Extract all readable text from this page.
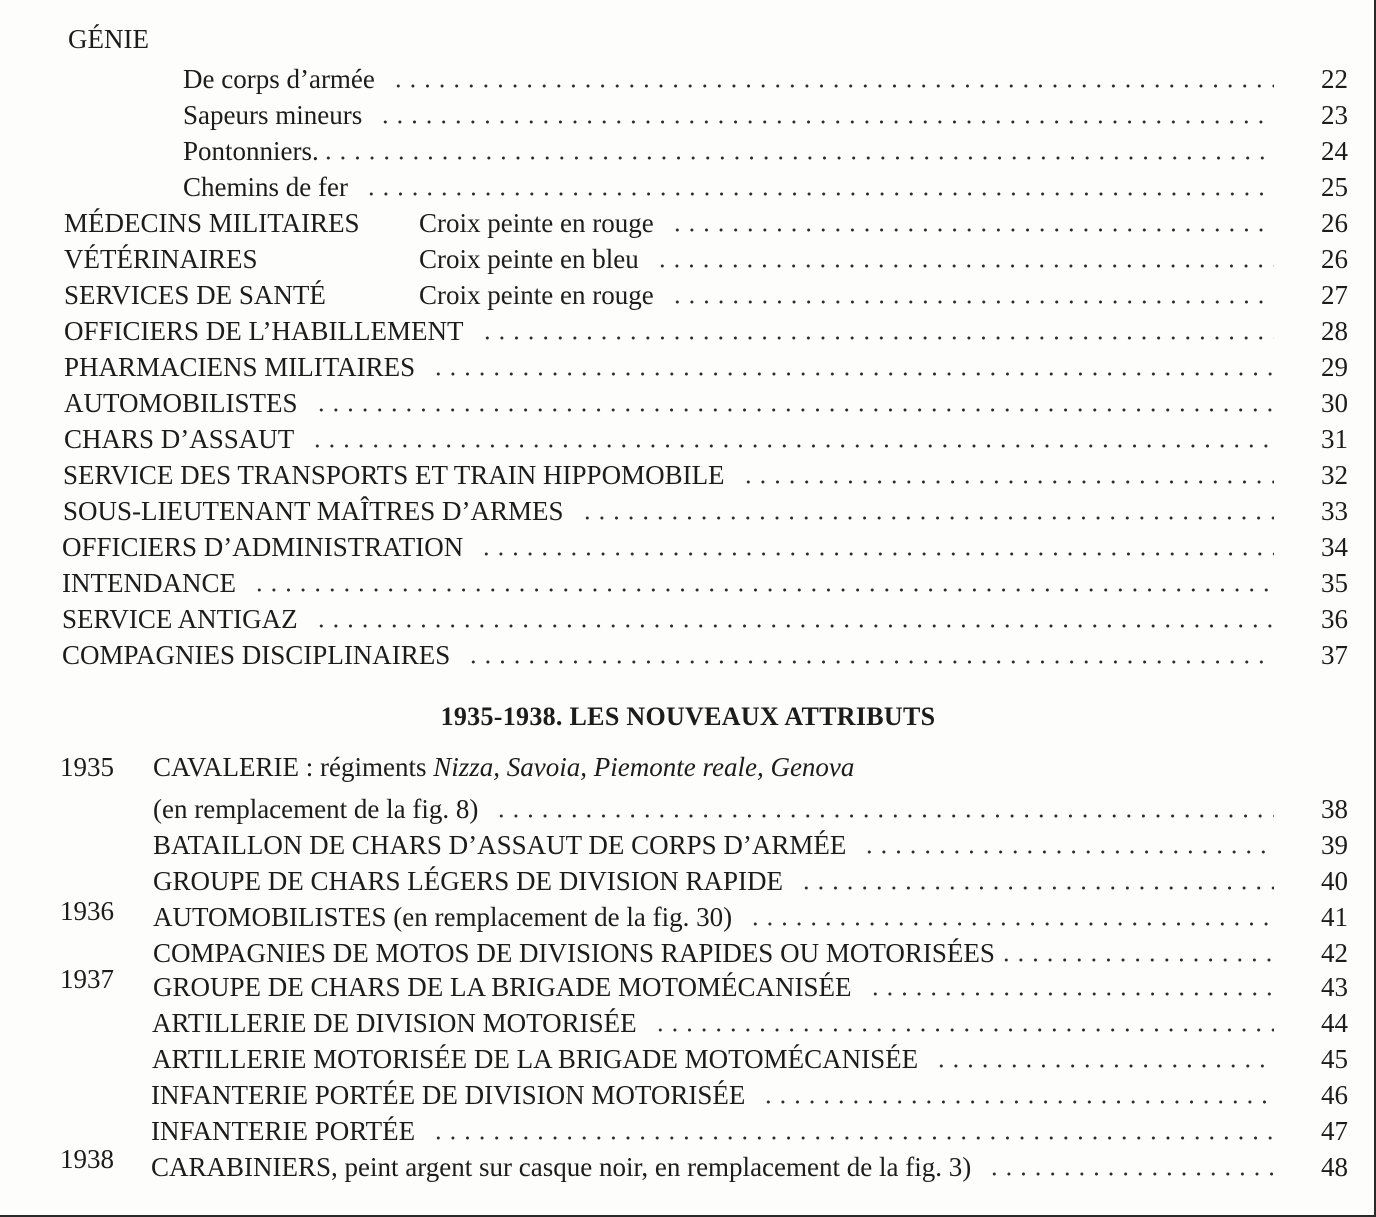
GÉNIE
De corps d’armée	22
Sapeurs mineurs	23
Pontonniers.	24
Chemins de fer	25
MÉDECINS MILITAIRES	Croix peinte en rouge	26
VÉTÉRINAIRES	Croix peinte en bleu	26
SERVICES DE SANTÉ	Croix peinte en rouge	27
OFFICIERS DE L’HABILLEMENT	28
PHARMACIENS MILITAIRES	29
AUTOMOBILISTES	30
CHARS D’ASSAUT	31
SERVICE DES TRANSPORTS ET TRAIN HIPPOMOBILE	32
SOUS-LIEUTENANT MAÎTRES D’ARMES	33
OFFICIERS D’ADMINISTRATION	34
INTENDANCE	35
SERVICE ANTIGAZ	36
COMPAGNIES DISCIPLINAIRES	37
1935-1938. LES NOUVEAUX ATTRIBUTS
1935 CAVALERIE : régiments Nizza, Savoia, Piemonte reale, Genova
(en remplacement de la fig. 8)	38
BATAILLON DE CHARS D’ASSAUT DE CORPS D’ARMÉE	39
GROUPE DE CHARS LÉGERS DE DIVISION RAPIDE	40
1936 AUTOMOBILISTES (en remplacement de la fig. 30)	41
COMPAGNIES DE MOTOS DE DIVISIONS RAPIDES OU MOTORISÉES	42
1937 GROUPE DE CHARS DE LA BRIGADE MOTOMÉCANISÉE	43
ARTILLERIE DE DIVISION MOTORISÉE	44
ARTILLERIE MOTORISÉE DE LA BRIGADE MOTOMÉCANISÉE	45
INFANTERIE PORTÉE DE DIVISION MOTORISÉE	46
INFANTERIE PORTÉE	47
1938 CARABINIERS, peint argent sur casque noir, en remplacement de la fig. 3)	48
